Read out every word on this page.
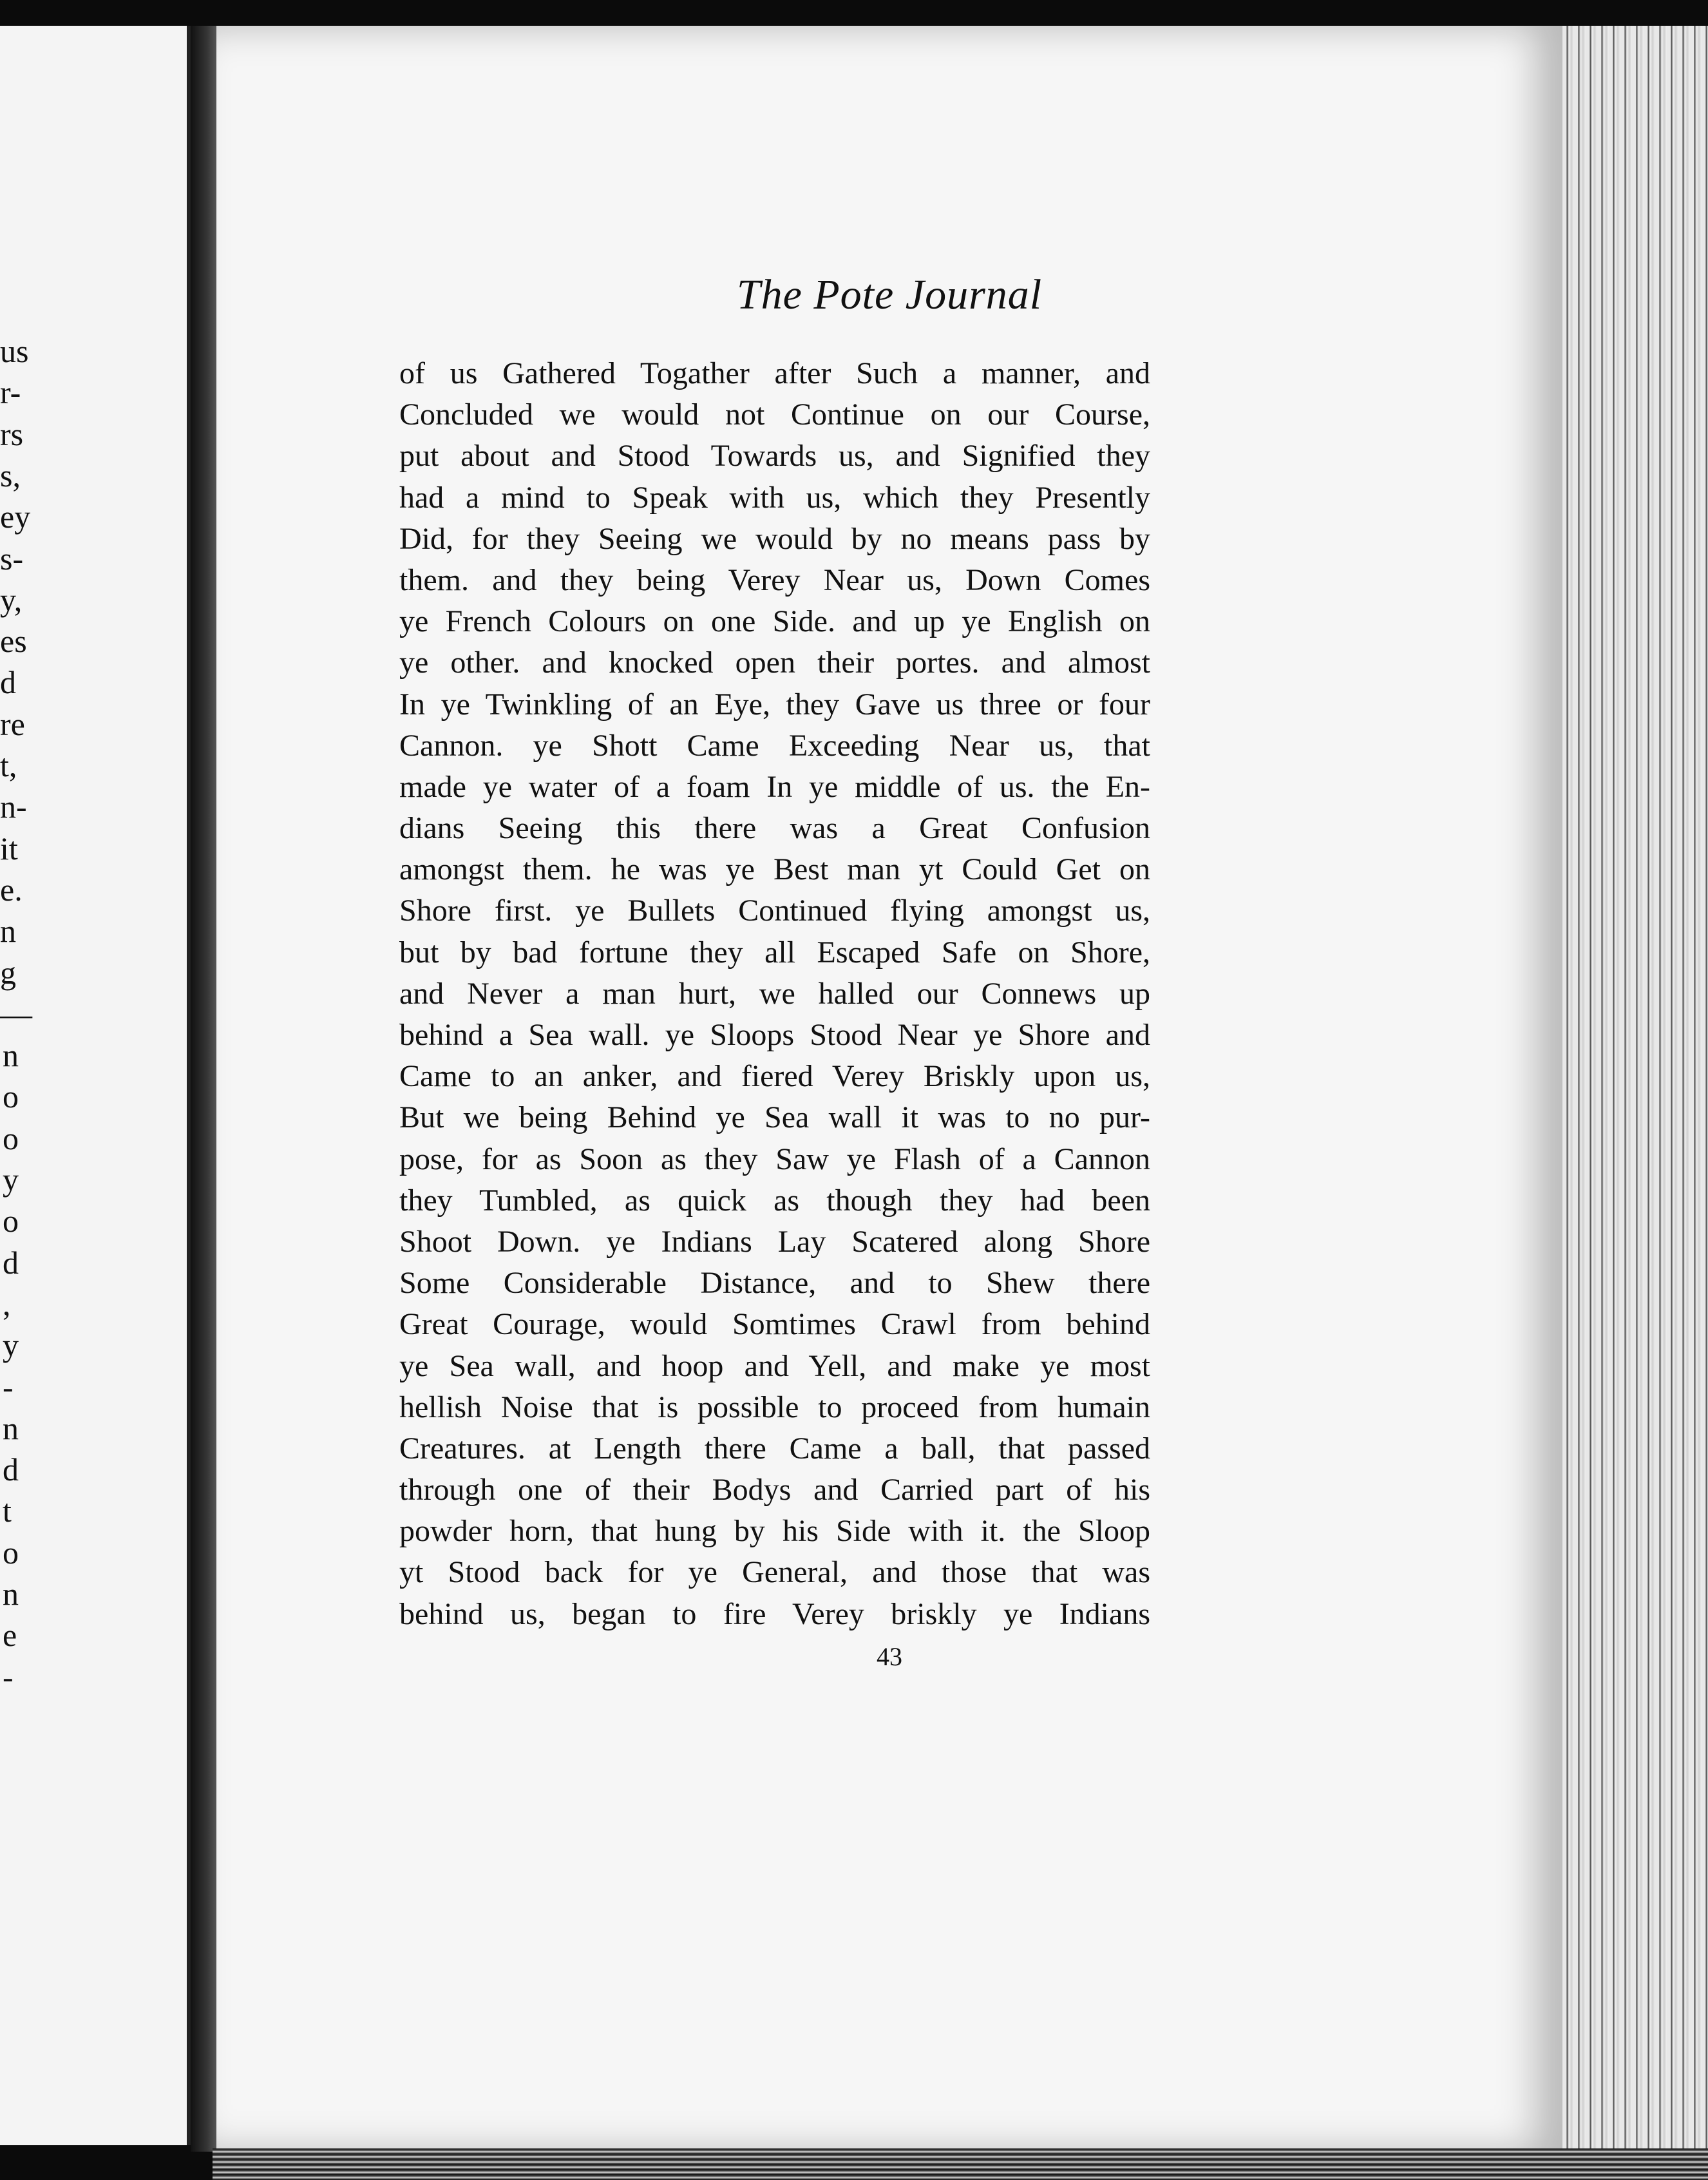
us
r-
rs
s,
ey
s-
y,
es
d
re
t,
n-
it
e.
n
g
—
n
o
o
y
o
d
,
y
-
n
d
t
o
n
e
-
The Pote Journal
of us Gathered Togather after Such a manner, and
Concluded we would not Continue on our Course,
put about and Stood Towards us, and Signified they
had a mind to Speak with us, which they Presently
Did, for they Seeing we would by no means pass by
them. and they being Verey Near us, Down Comes
ye French Colours on one Side. and up ye English on
ye other. and knocked open their portes. and almost
In ye Twinkling of an Eye, they Gave us three or four
Cannon. ye Shott Came Exceeding Near us, that
made ye water of a foam In ye middle of us. the En-
dians Seeing this there was a Great Confusion
amongst them. he was ye Best man yt Could Get on
Shore first. ye Bullets Continued flying amongst us,
but by bad fortune they all Escaped Safe on Shore,
and Never a man hurt, we halled our Connews up
behind a Sea wall. ye Sloops Stood Near ye Shore and
Came to an anker, and fiered Verey Briskly upon us,
But we being Behind ye Sea wall it was to no pur-
pose, for as Soon as they Saw ye Flash of a Cannon
they Tumbled, as quick as though they had been
Shoot Down. ye Indians Lay Scatered along Shore
Some Considerable Distance, and to Shew there
Great Courage, would Somtimes Crawl from behind
ye Sea wall, and hoop and Yell, and make ye most
hellish Noise that is possible to proceed from humain
Creatures. at Length there Came a ball, that passed
through one of their Bodys and Carried part of his
powder horn, that hung by his Side with it. the Sloop
yt Stood back for ye General, and those that was
behind us, began to fire Verey briskly ye Indians
43
